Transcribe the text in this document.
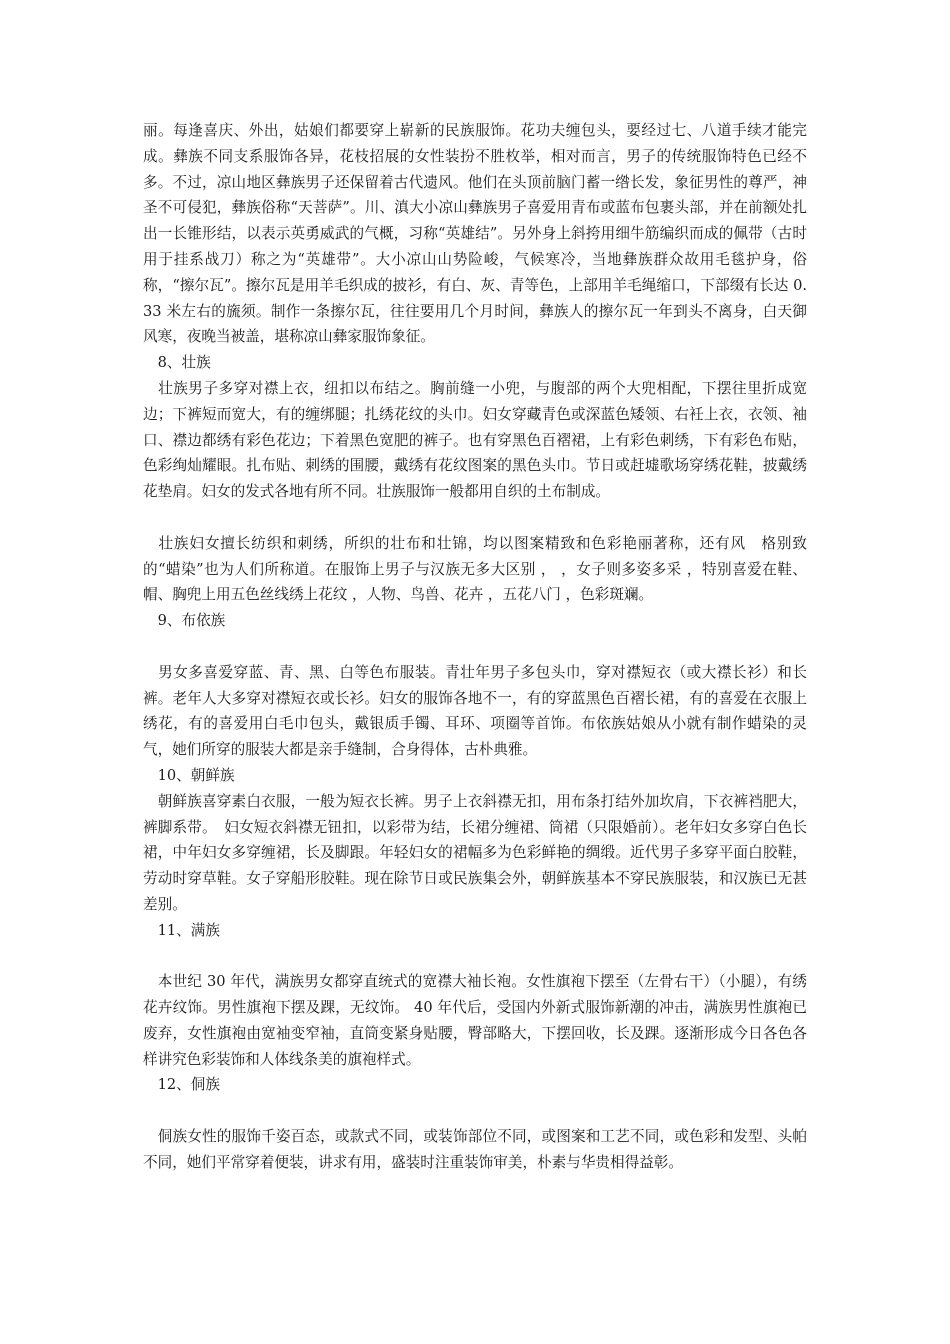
丽。每逢喜庆、外出，姑娘们都要穿上崭新的民族服饰。花功夫缠包头，要经过七、八道手续才能完成。彝族不同支系服饰各异，花枝招展的女性装扮不胜枚举，相对而言，男子的传统服饰特色已经不多。不过，凉山地区彝族男子还保留着古代遗风。他们在头顶前脑门蓄一绺长发，象征男性的尊严，神圣不可侵犯，彝族俗称“天菩萨”。川、滇大小凉山彝族男子喜爱用青布或蓝布包裹头部，并在前额处扎出一长锥形结，以表示英勇威武的气概，习称“英雄结”。另外身上斜挎用细牛筋编织而成的佩带（古时用于挂系战刀）称之为“英雄带”。大小凉山山势险峻，气候寒冷，当地彝族群众故用毛毯护身，俗称，“擦尔瓦”。擦尔瓦是用羊毛织成的披衫，有白、灰、青等色，上部用羊毛绳缩口，下部缀有长达 0.33 米左右的旒须。制作一条擦尔瓦，往往要用几个月时间，彝族人的擦尔瓦一年到头不离身，白天御风寒，夜晚当被盖，堪称凉山彝家服饰象征。

　8、壮族

　壮族男子多穿对襟上衣，纽扣以布结之。胸前缝一小兜，与腹部的两个大兜相配，下摆往里折成宽边；下裤短而宽大，有的缠绑腿；扎绣花纹的头巾。妇女穿藏青色或深蓝色矮领、右衽上衣，衣领、袖口、襟边都绣有彩色花边；下着黑色宽肥的裤子。也有穿黑色百褶裙，上有彩色刺绣，下有彩色布贴，色彩绚灿耀眼。扎布贴、刺绣的围腰，戴绣有花纹图案的黑色头巾。节日或赶墟歌场穿绣花鞋，披戴绣花垫肩。妇女的发式各地有所不同。壮族服饰一般都用自织的土布制成。

　壮族妇女擅长纺织和刺绣，所织的壮布和壮锦，均以图案精致和色彩艳丽著称，还有风　格别致的“蜡染”也为人们所称道。在服饰上男子与汉族无多大区别 ， ，女子则多姿多采 ，特别喜爱在鞋、帽、胸兜上用五色丝线绣上花纹 ，人物、鸟兽、花卉 ，五花八门 ，色彩斑斓。

　9、布依族

　男女多喜爱穿蓝、青、黑、白等色布服装。青壮年男子多包头巾，穿对襟短衣（或大襟长衫）和长裤。老年人大多穿对襟短衣或长衫。妇女的服饰各地不一，有的穿蓝黑色百褶长裙，有的喜爱在衣服上绣花，有的喜爱用白毛巾包头，戴银质手镯、耳环、项圈等首饰。布依族姑娘从小就有制作蜡染的灵气，她们所穿的服装大都是亲手缝制，合身得体，古朴典雅。

　10、朝鲜族

　朝鲜族喜穿素白衣服，一般为短衣长裤。男子上衣斜襟无扣，用布条打结外加坎肩，下衣裤裆肥大，裤脚系带。　妇女短衣斜襟无钮扣，以彩带为结，长裙分缠裙、筒裙（只限婚前）。老年妇女多穿白色长裙，中年妇女多穿缠裙，长及脚跟。年轻妇女的裙幅多为色彩鲜艳的绸缎。近代男子多穿平面白胶鞋，劳动时穿草鞋。女子穿船形胶鞋。现在除节日或民族集会外，朝鲜族基本不穿民族服装，和汉族已无甚差别。

　11、满族

　本世纪 30 年代，满族男女都穿直统式的宽襟大袖长袍。女性旗袍下摆至（左骨右干）（小腿），有绣花卉纹饰。男性旗袍下摆及踝，无纹饰。 40 年代后，受国内外新式服饰新潮的冲击，满族男性旗袍已废弃，女性旗袍由宽袖变窄袖，直筒变紧身贴腰，臀部略大，下摆回收，长及踝。逐渐形成今日各色各样讲究色彩装饰和人体线条美的旗袍样式。

　12、侗族

　侗族女性的服饰千姿百态，或款式不同，或装饰部位不同，或图案和工艺不同，或色彩和发型、头帕不同，她们平常穿着便装，讲求有用，盛装时注重装饰审美，朴素与华贵相得益彰。
